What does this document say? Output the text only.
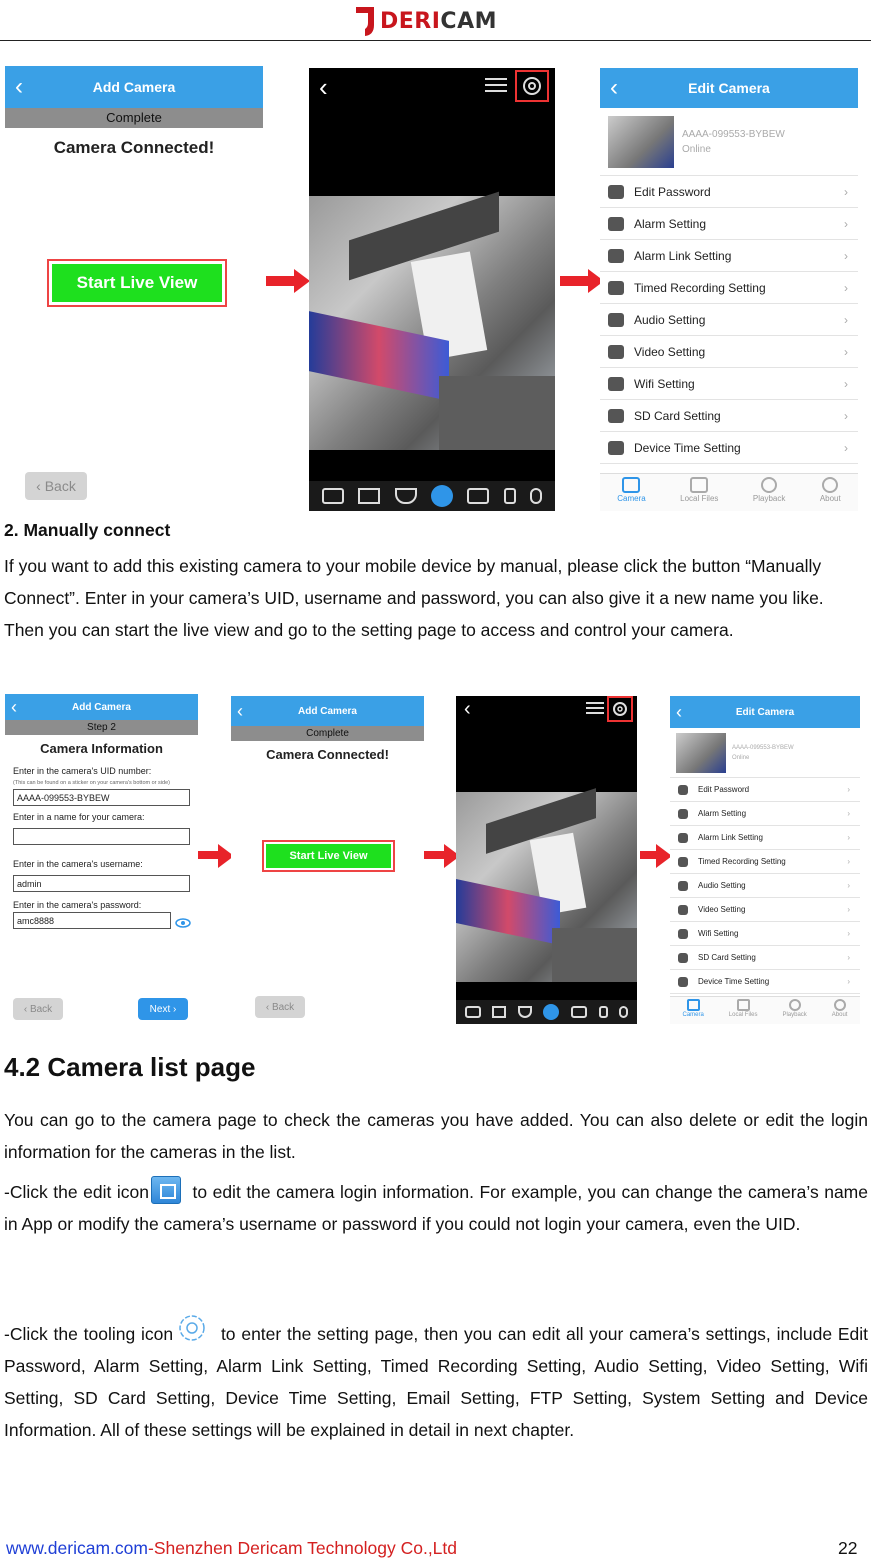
DERICAM
‹	Add Camera
Complete
Camera Connected!
Start Live View
‹ Back
‹	‹	Edit Camera
AAAA-099553-BYBEW
Online
Edit Password	›
Alarm Setting	›
Alarm Link Setting	›
Timed Recording Setting	›
Audio Setting	›
Video Setting	›
Wifi Setting	›
SD Card Setting	›
Device Time Setting	›
Camera	Local Files	Playback	About
2. Manually connect
If you want to add this existing camera to your mobile device by manual, please click the button “Manually Connect”. Enter in your camera’s UID, username and password, you can also give it a new name you like. Then you can start the live view and go to the setting page to access and control your camera.
‹	Add Camera
Step 2
Camera Information
Enter in the camera's UID number:
(This can be found on a sticker on your camera's bottom or side)
AAAA-099553-BYBEW
Enter in a name for your camera:
Enter in the camera's username:
admin
Enter in the camera's password:
amc8888
‹ Back	Next ›
‹	Add Camera
Complete
Camera Connected!
Start Live View
‹ Back
‹	‹	Edit Camera
AAAA-099553-BYBEW
Online
Edit Password	›
Alarm Setting	›
Alarm Link Setting	›
Timed Recording Setting	›
Audio Setting	›
Video Setting	›
Wifi Setting	›
SD Card Setting	›
Device Time Setting	›
Camera	Local Files	Playback	About
4.2 Camera list page
You can go to the camera page to check the cameras you have added. You can also delete or edit the login information for the cameras in the list.
-Click the edit icon to edit the camera login information. For example, you can change the camera’s name in App or modify the camera’s username or password if you could not login your camera, even the UID.
-Click the tooling icon to enter the setting page, then you can edit all your camera’s settings, include Edit Password, Alarm Setting, Alarm Link Setting, Timed Recording Setting, Audio Setting, Video Setting, Wifi Setting, SD Card Setting, Device Time Setting, Email Setting, FTP Setting, System Setting and Device Information. All of these settings will be explained in detail in next chapter.
www.dericam.com-Shenzhen Dericam Technology Co.,Ltd	22
